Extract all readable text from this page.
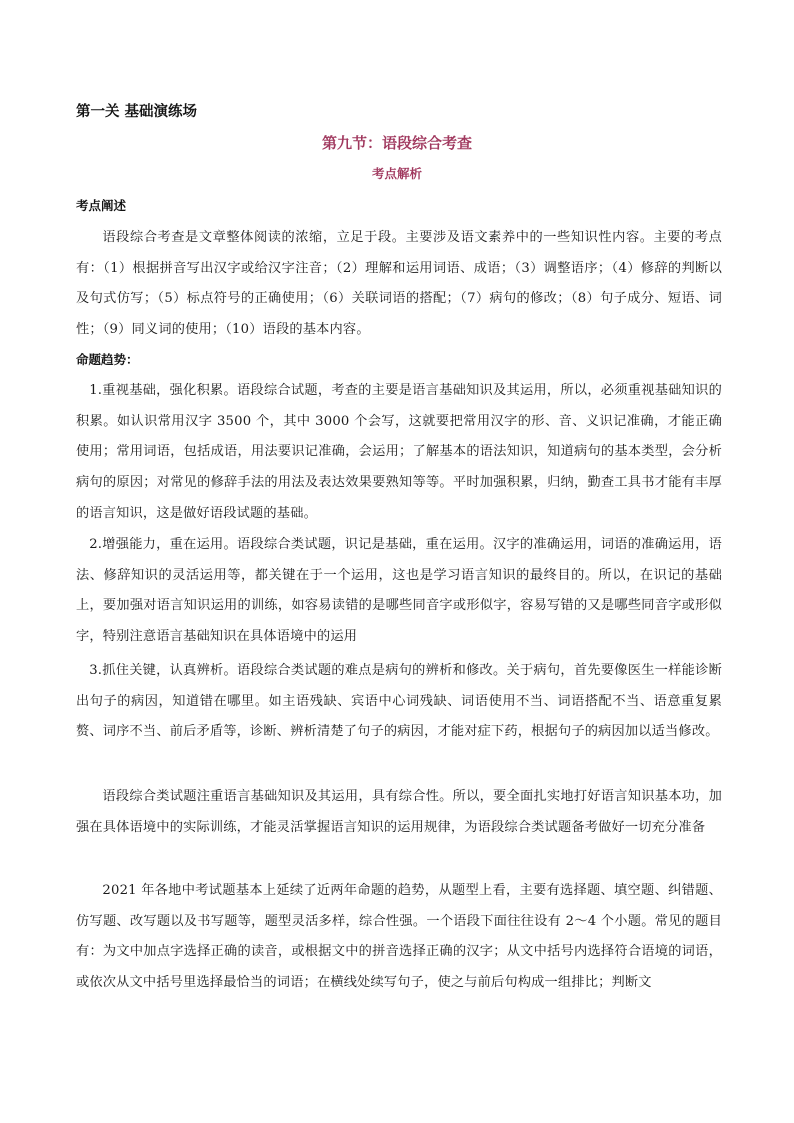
第一关 基础演练场
第九节：语段综合考查
考点解析
考点阐述

语段综合考查是文章整体阅读的浓缩，立足于段。主要涉及语文素养中的一些知识性内容。主要的考点有：（1）根据拼音写出汉字或给汉字注音；（2）理解和运用词语、成语；（3）调整语序；（4）修辞的判断以及句式仿写；（5）标点符号的正确使用；（6）关联词语的搭配；（7）病句的修改；（8）句子成分、短语、词性；（9）同义词的使用；（10）语段的基本内容。

命题趋势：

1.重视基础，强化积累。语段综合试题，考查的主要是语言基础知识及其运用，所以，必须重视基础知识的积累。如认识常用汉字 3500 个，其中 3000 个会写，这就要把常用汉字的形、音、义识记准确，才能正确使用；常用词语，包括成语，用法要识记准确，会运用；了解基本的语法知识，知道病句的基本类型，会分析病句的原因；对常见的修辞手法的用法及表达效果要熟知等等。平时加强积累，归纳，勤查工具书才能有丰厚的语言知识，这是做好语段试题的基础。

2.增强能力，重在运用。语段综合类试题，识记是基础，重在运用。汉字的准确运用，词语的准确运用，语法、修辞知识的灵活运用等，都关键在于一个运用，这也是学习语言知识的最终目的。所以，在识记的基础上，要加强对语言知识运用的训练，如容易读错的是哪些同音字或形似字，容易写错的又是哪些同音字或形似字，特别注意语言基础知识在具体语境中的运用

3.抓住关键，认真辨析。语段综合类试题的难点是病句的辨析和修改。关于病句，首先要像医生一样能诊断出句子的病因，知道错在哪里。如主语残缺、宾语中心词残缺、词语使用不当、词语搭配不当、语意重复累赘、词序不当、前后矛盾等，诊断、辨析清楚了句子的病因，才能对症下药，根据句子的病因加以适当修改。

语段综合类试题注重语言基础知识及其运用，具有综合性。所以，要全面扎实地打好语言知识基本功，加强在具体语境中的实际训练，才能灵活掌握语言知识的运用规律，为语段综合类试题备考做好一切充分准备

2021 年各地中考试题基本上延续了近两年命题的趋势，从题型上看，主要有选择题、填空题、纠错题、仿写题、改写题以及书写题等，题型灵活多样，综合性强。一个语段下面往往设有 2～4 个小题。常见的题目有：为文中加点字选择正确的读音，或根据文中的拼音选择正确的汉字；从文中括号内选择符合语境的词语，或依次从文中括号里选择最恰当的词语；在横线处续写句子，使之与前后句构成一组排比；判断文
